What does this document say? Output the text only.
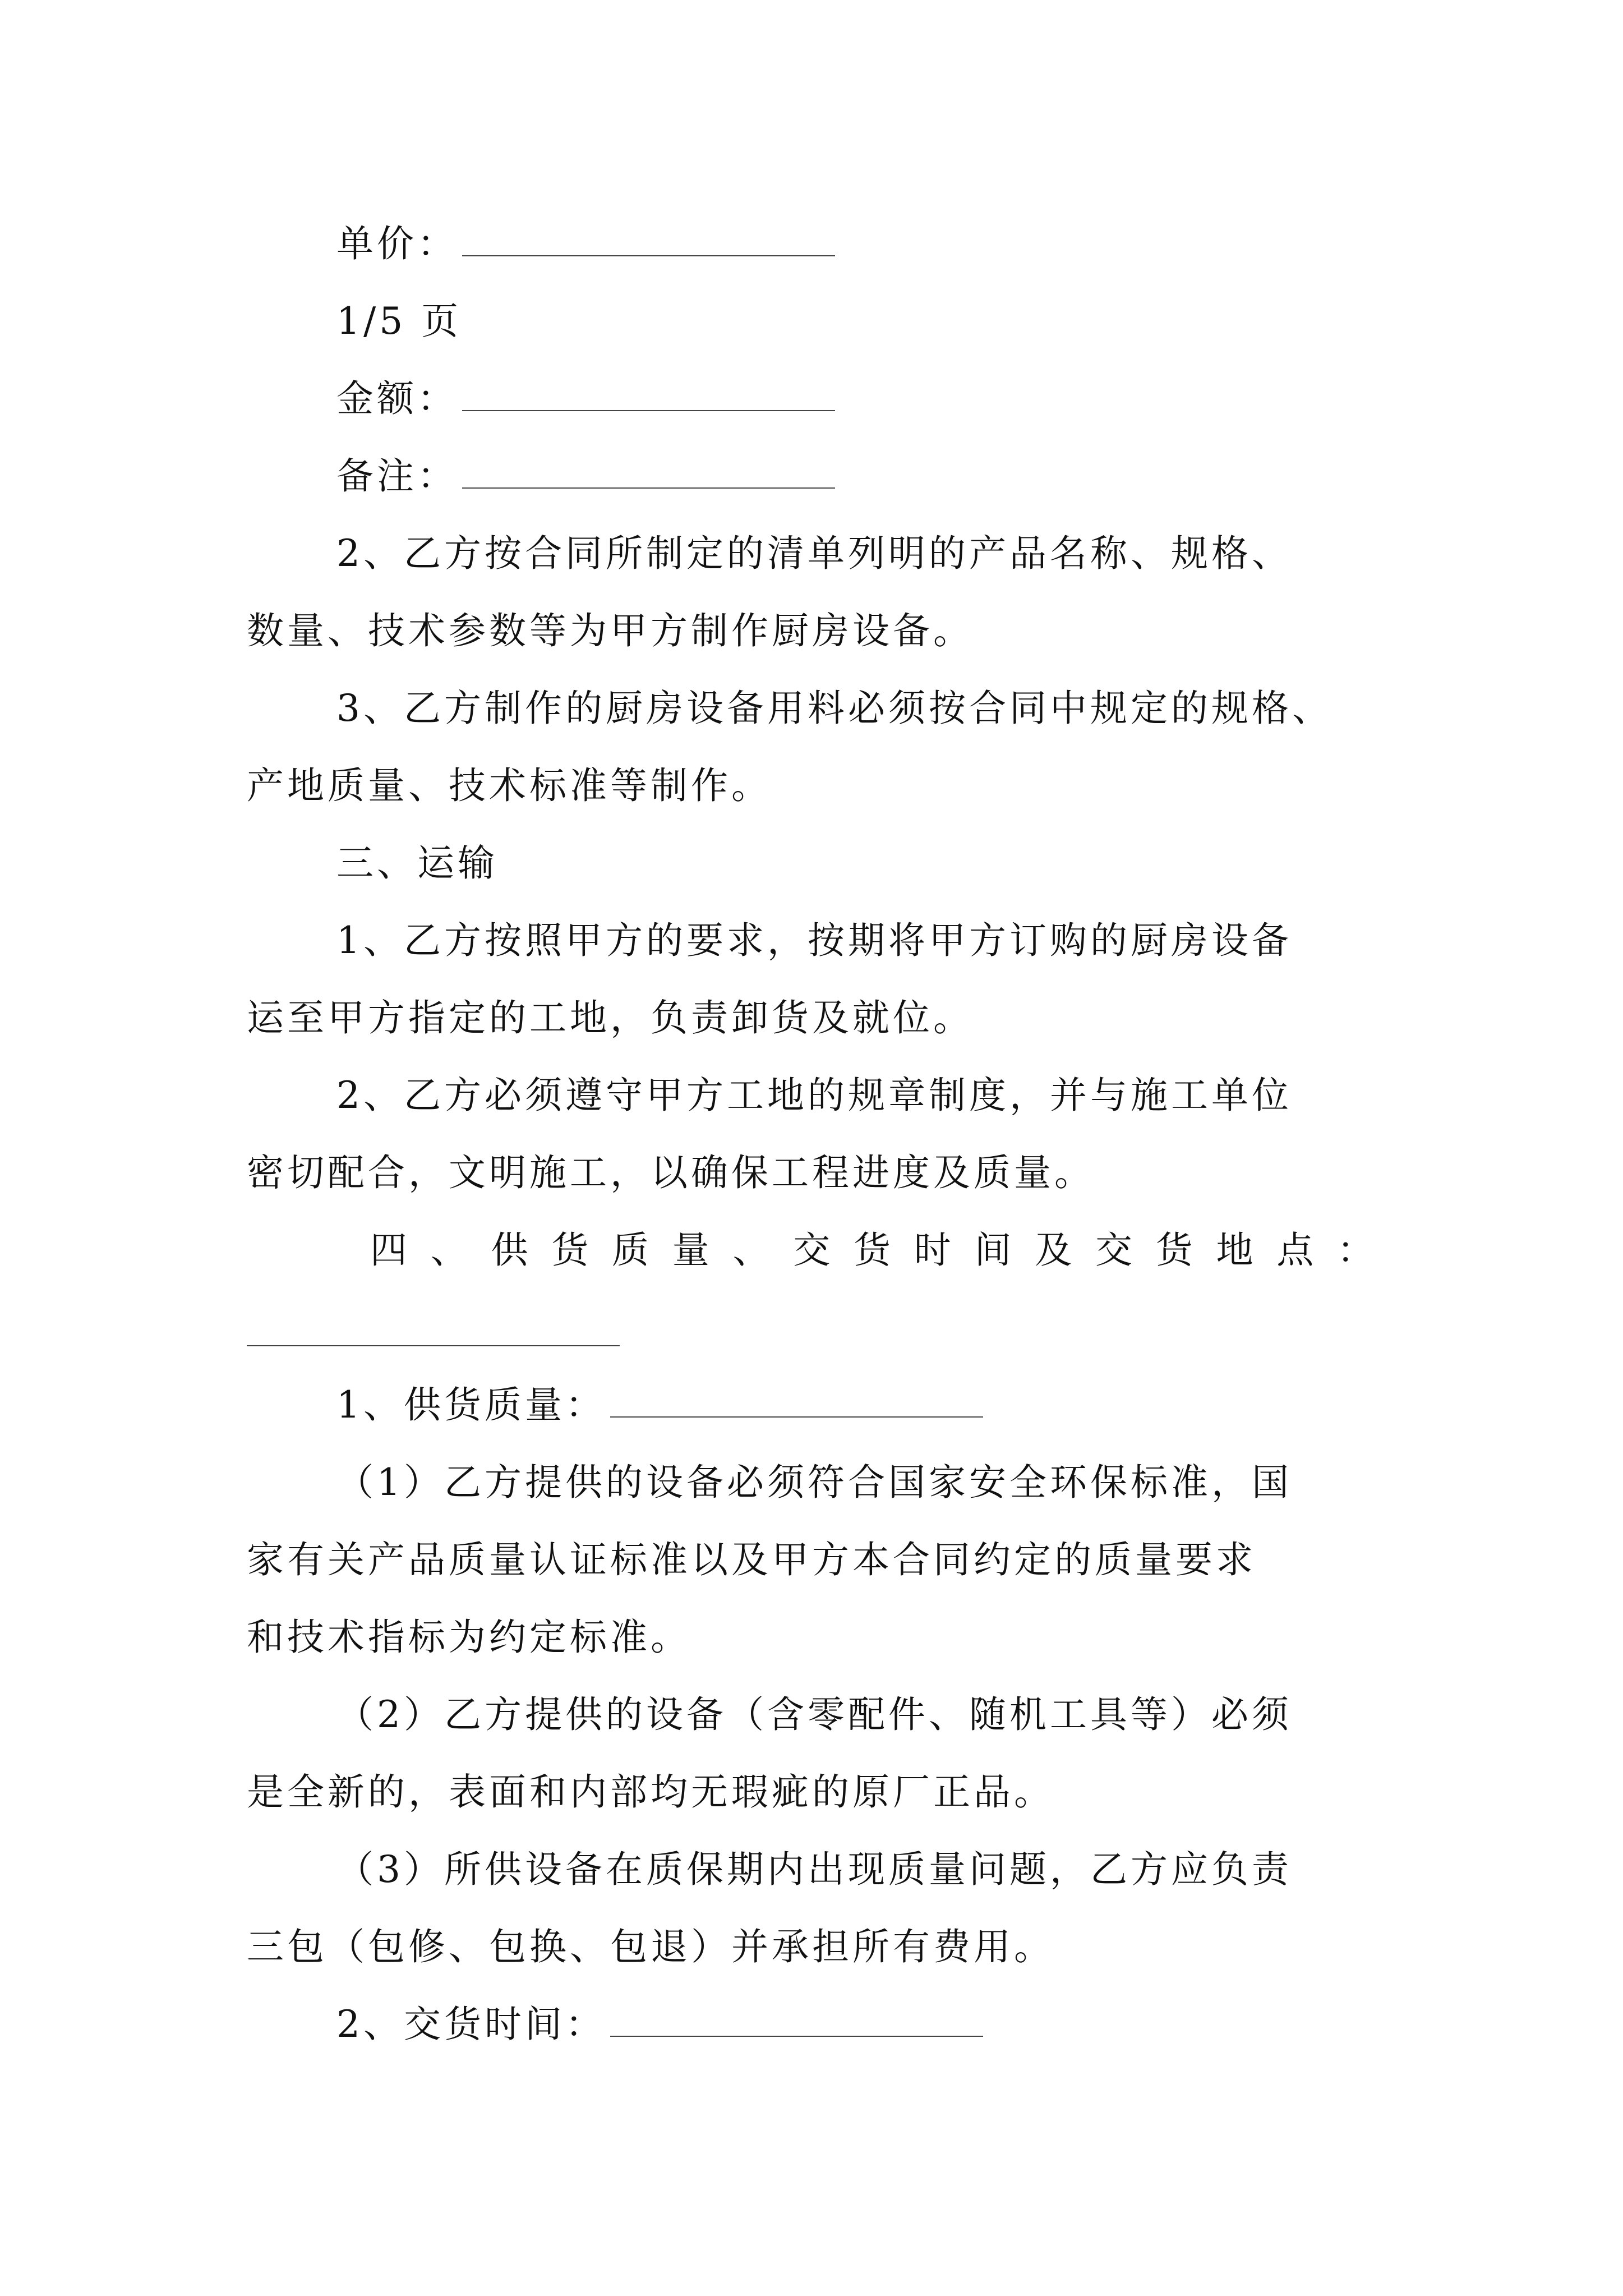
单价：
1/5 页
金额：
备注：
2、乙方按合同所制定的清单列明的产品名称、规格、
数量、技术参数等为甲方制作厨房设备。
3、乙方制作的厨房设备用料必须按合同中规定的规格、
产地质量、技术标准等制作。
三、运输
1、乙方按照甲方的要求，按期将甲方订购的厨房设备
运至甲方指定的工地，负责卸货及就位。
2、乙方必须遵守甲方工地的规章制度，并与施工单位
密切配合，文明施工，以确保工程进度及质量。
四、供货质量、交货时间及交货地点：
1、供货质量：
（1）乙方提供的设备必须符合国家安全环保标准，国
家有关产品质量认证标准以及甲方本合同约定的质量要求
和技术指标为约定标准。
（2）乙方提供的设备（含零配件、随机工具等）必须
是全新的，表面和内部均无瑕疵的原厂正品。
（3）所供设备在质保期内出现质量问题，乙方应负责
三包（包修、包换、包退）并承担所有费用。
2、交货时间：
